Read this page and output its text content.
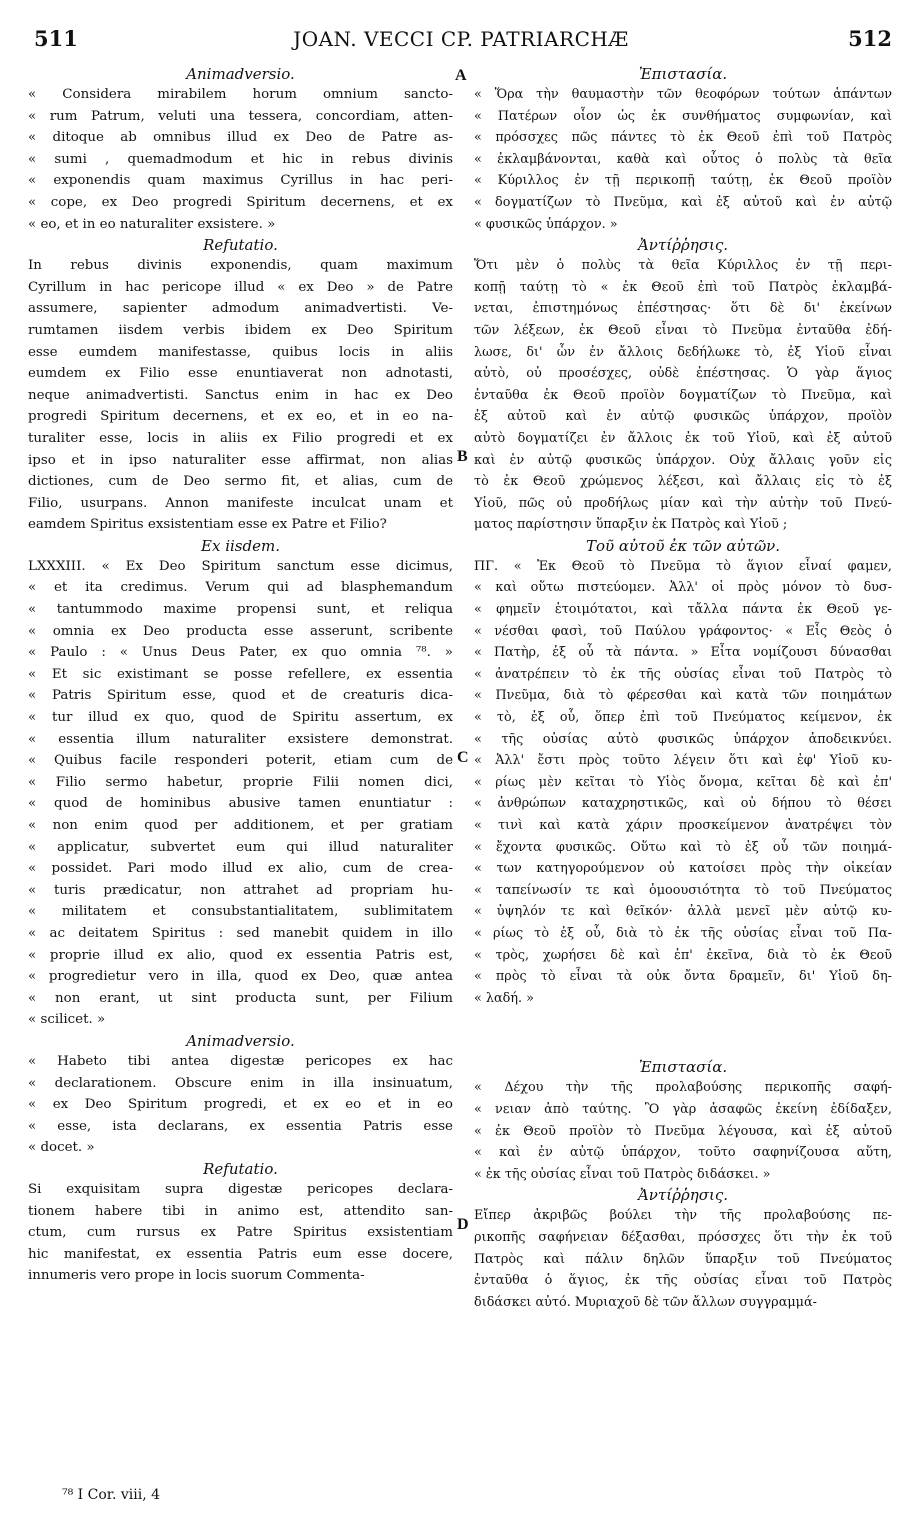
511	JOAN. VECCI CP. PATRIARCHÆ	512
A
B
C
D
Animadversio.
« Considera mirabilem horum omnium sancto-
« rum Patrum, veluti una tessera, concordiam, atten-
« ditoque ab omnibus illud ex Deo de Patre as-
« sumi , quemadmodum et hic in rebus divinis
« exponendis quam maximus Cyrillus in hac peri-
« cope, ex Deo progredi Spiritum decernens, et ex
« eo, et in eo naturaliter exsistere. »
Refutatio.
In rebus divinis exponendis, quam maximum
Cyrillum in hac pericope illud « ex Deo » de Patre
assumere, sapienter admodum animadvertisti. Ve-
rumtamen iisdem verbis ibidem ex Deo Spiritum
esse eumdem manifestasse, quibus locis in aliis
eumdem ex Filio esse enuntiaverat non adnotasti,
neque animadvertisti. Sanctus enim in hac ex Deo
progredi Spiritum decernens, et ex eo, et in eo na-
turaliter esse, locis in aliis ex Filio progredi et ex
ipso et in ipso naturaliter esse affirmat, non alias
dictiones, cum de Deo sermo fit, et alias, cum de
Filio, usurpans. Annon manifeste inculcat unam et
eamdem Spiritus exsistentiam esse ex Patre et Filio?
Ex iisdem.
LXXXIII. « Ex Deo Spiritum sanctum esse dicimus,
« et ita credimus. Verum qui ad blasphemandum
« tantummodo maxime propensi sunt, et reliqua
« omnia ex Deo producta esse asserunt, scribente
« Paulo : « Unus Deus Pater, ex quo omnia ⁷⁸. »
« Et sic existimant se posse refellere, ex essentia
« Patris Spiritum esse, quod et de creaturis dica-
« tur illud ex quo, quod de Spiritu assertum, ex
« essentia illum naturaliter exsistere demonstrat.
« Quibus facile responderi poterit, etiam cum de
« Filio sermo habetur, proprie Filii nomen dici,
« quod de hominibus abusive tamen enuntiatur :
« non enim quod per additionem, et per gratiam
« applicatur, subvertet eum qui illud naturaliter
« possidet. Pari modo illud ex alio, cum de crea-
« turis prædicatur, non attrahet ad propriam hu-
« militatem et consubstantialitatem, sublimitatem
« ac deitatem Spiritus : sed manebit quidem in illo
« proprie illud ex alio, quod ex essentia Patris est,
« progredietur vero in illa, quod ex Deo, quæ antea
« non erant, ut sint producta sunt, per Filium
« scilicet. »
Animadversio.
« Habeto tibi antea digestæ pericopes ex hac
« declarationem. Obscure enim in illa insinuatum,
« ex Deo Spiritum progredi, et ex eo et in eo
« esse, ista declarans, ex essentia Patris esse
« docet. »
Refutatio.
Si exquisitam supra digestæ pericopes declara-
tionem habere tibi in animo est, attendito san-
ctum, cum rursus ex Patre Spiritus exsistentiam
hic manifestat, ex essentia Patris eum esse docere,
innumeris vero prope in locis suorum Commenta-
Ἐπιστασία.
« Ὅρα τὴν θαυμαστὴν τῶν θεοφόρων τούτων ἁπάντων
« Πατέρων οἷον ὡς ἐκ συνθήματος συμφωνίαν, καὶ
« πρόσσχες πῶς πάντες τὸ ἐκ Θεοῦ ἐπὶ τοῦ Πατρὸς
« ἐκλαμβάνονται, καθὰ καὶ οὗτος ὁ πολὺς τὰ θεῖα
« Κύριλλος ἐν τῇ περικοπῇ ταύτῃ, ἐκ Θεοῦ προϊὸν
« δογματίζων τὸ Πνεῦμα, καὶ ἐξ αὐτοῦ καὶ ἐν αὐτῷ
« φυσικῶς ὑπάρχον. »
Ἀντίῤῥησις.
Ὅτι μὲν ὁ πολὺς τὰ θεῖα Κύριλλος ἐν τῇ περι-
κοπῇ ταύτῃ τὸ « ἐκ Θεοῦ ἐπὶ τοῦ Πατρὸς ἐκλαμβά-
νεται, ἐπιστημόνως ἐπέστησας· ὅτι δὲ δι' ἐκείνων
τῶν λέξεων, ἐκ Θεοῦ εἶναι τὸ Πνεῦμα ἐνταῦθα ἐδή-
λωσε, δι' ὧν ἐν ἄλλοις δεδήλωκε τὸ, ἐξ Υἱοῦ εἶναι
αὐτὸ, οὐ προσέσχες, οὐδὲ ἐπέστησας. Ὁ γὰρ ἅγιος
ἐνταῦθα ἐκ Θεοῦ προϊὸν δογματίζων τὸ Πνεῦμα, καὶ
ἐξ αὐτοῦ καὶ ἐν αὐτῷ φυσικῶς ὑπάρχον, προϊὸν
αὐτὸ δογματίζει ἐν ἄλλοις ἐκ τοῦ Υἱοῦ, καὶ ἐξ αὐτοῦ
καὶ ἐν αὐτῷ φυσικῶς ὑπάρχον. Οὐχ ἄλλαις γοῦν εἰς
τὸ ἐκ Θεοῦ χρώμενος λέξεσι, καὶ ἄλλαις εἰς τὸ ἐξ
Υἱοῦ, πῶς οὐ προδήλως μίαν καὶ τὴν αὐτὴν τοῦ Πνεύ-
ματος παρίστησιν ὕπαρξιν ἐκ Πατρὸς καὶ Υἱοῦ ;
Τοῦ αὐτοῦ ἐκ τῶν αὐτῶν.
ΠΓ. « Ἐκ Θεοῦ τὸ Πνεῦμα τὸ ἅγιον εἶναί φαμεν,
« καὶ οὕτω πιστεύομεν. Ἀλλ' οἱ πρὸς μόνον τὸ δυσ-
« φημεῖν ἑτοιμότατοι, καὶ τἄλλα πάντα ἐκ Θεοῦ γε-
« νέσθαι φασὶ, τοῦ Παύλου γράφοντος· « Εἷς Θεὸς ὁ
« Πατὴρ, ἐξ οὗ τὰ πάντα. » Εἶτα νομίζουσι δύνασθαι
« ἀνατρέπειν τὸ ἐκ τῆς οὐσίας εἶναι τοῦ Πατρὸς τὸ
« Πνεῦμα, διὰ τὸ φέρεσθαι καὶ κατὰ τῶν ποιημάτων
« τὸ, ἐξ οὗ, ὅπερ ἐπὶ τοῦ Πνεύματος κείμενον, ἐκ
« τῆς οὐσίας αὐτὸ φυσικῶς ὑπάρχον ἀποδεικνύει.
« Ἀλλ' ἔστι πρὸς τοῦτο λέγειν ὅτι καὶ ἐφ' Υἱοῦ κυ-
« ρίως μὲν κεῖται τὸ Υἱὸς ὄνομα, κεῖται δὲ καὶ ἐπ'
« ἀνθρώπων καταχρηστικῶς, καὶ οὐ δήπου τὸ θέσει
« τινὶ καὶ κατὰ χάριν προσκείμενον ἀνατρέψει τὸν
« ἔχοντα φυσικῶς. Οὕτω καὶ τὸ ἐξ οὗ τῶν ποιημά-
« των κατηγορούμενον οὐ κατοίσει πρὸς τὴν οἰκείαν
« ταπείνωσίν τε καὶ ὁμοουσιότητα τὸ τοῦ Πνεύματος
« ὑψηλόν τε καὶ θεῖκόν· ἀλλὰ μενεῖ μὲν αὐτῷ κυ-
« ρίως τὸ ἐξ οὗ, διὰ τὸ ἐκ τῆς οὐσίας εἶναι τοῦ Πα-
« τρὸς, χωρήσει δὲ καὶ ἐπ' ἐκεῖνα, διὰ τὸ ἐκ Θεοῦ
« πρὸς τὸ εἶναι τὰ οὐκ ὄντα δραμεῖν, δι' Υἱοῦ δη-
« λαδή. »
Ἐπιστασία.
« Δέχου τὴν τῆς προλαβούσης περικοπῆς σαφή-
« νειαν ἀπὸ ταύτης. Ὃ γὰρ ἀσαφῶς ἐκείνη ἐδίδαξεν,
« ἐκ Θεοῦ προϊὸν τὸ Πνεῦμα λέγουσα, καὶ ἐξ αὐτοῦ
« καὶ ἐν αὐτῷ ὑπάρχον, τοῦτο σαφηνίζουσα αὕτη,
« ἐκ τῆς οὐσίας εἶναι τοῦ Πατρὸς διδάσκει. »
Ἀντίῤῥησις.
Εἴπερ ἀκριβῶς βούλει τὴν τῆς προλαβούσης πε-
ρικοπῆς σαφήνειαν δέξασθαι, πρόσσχες ὅτι τὴν ἐκ τοῦ
Πατρὸς καὶ πάλιν δηλῶν ὕπαρξιν τοῦ Πνεύματος
ἐνταῦθα ὁ ἅγιος, ἐκ τῆς οὐσίας εἶναι τοῦ Πατρὸς
διδάσκει αὐτό. Μυριαχοῦ δὲ τῶν ἄλλων συγγραμμά-
⁷⁸ I Cor. viii, 4
